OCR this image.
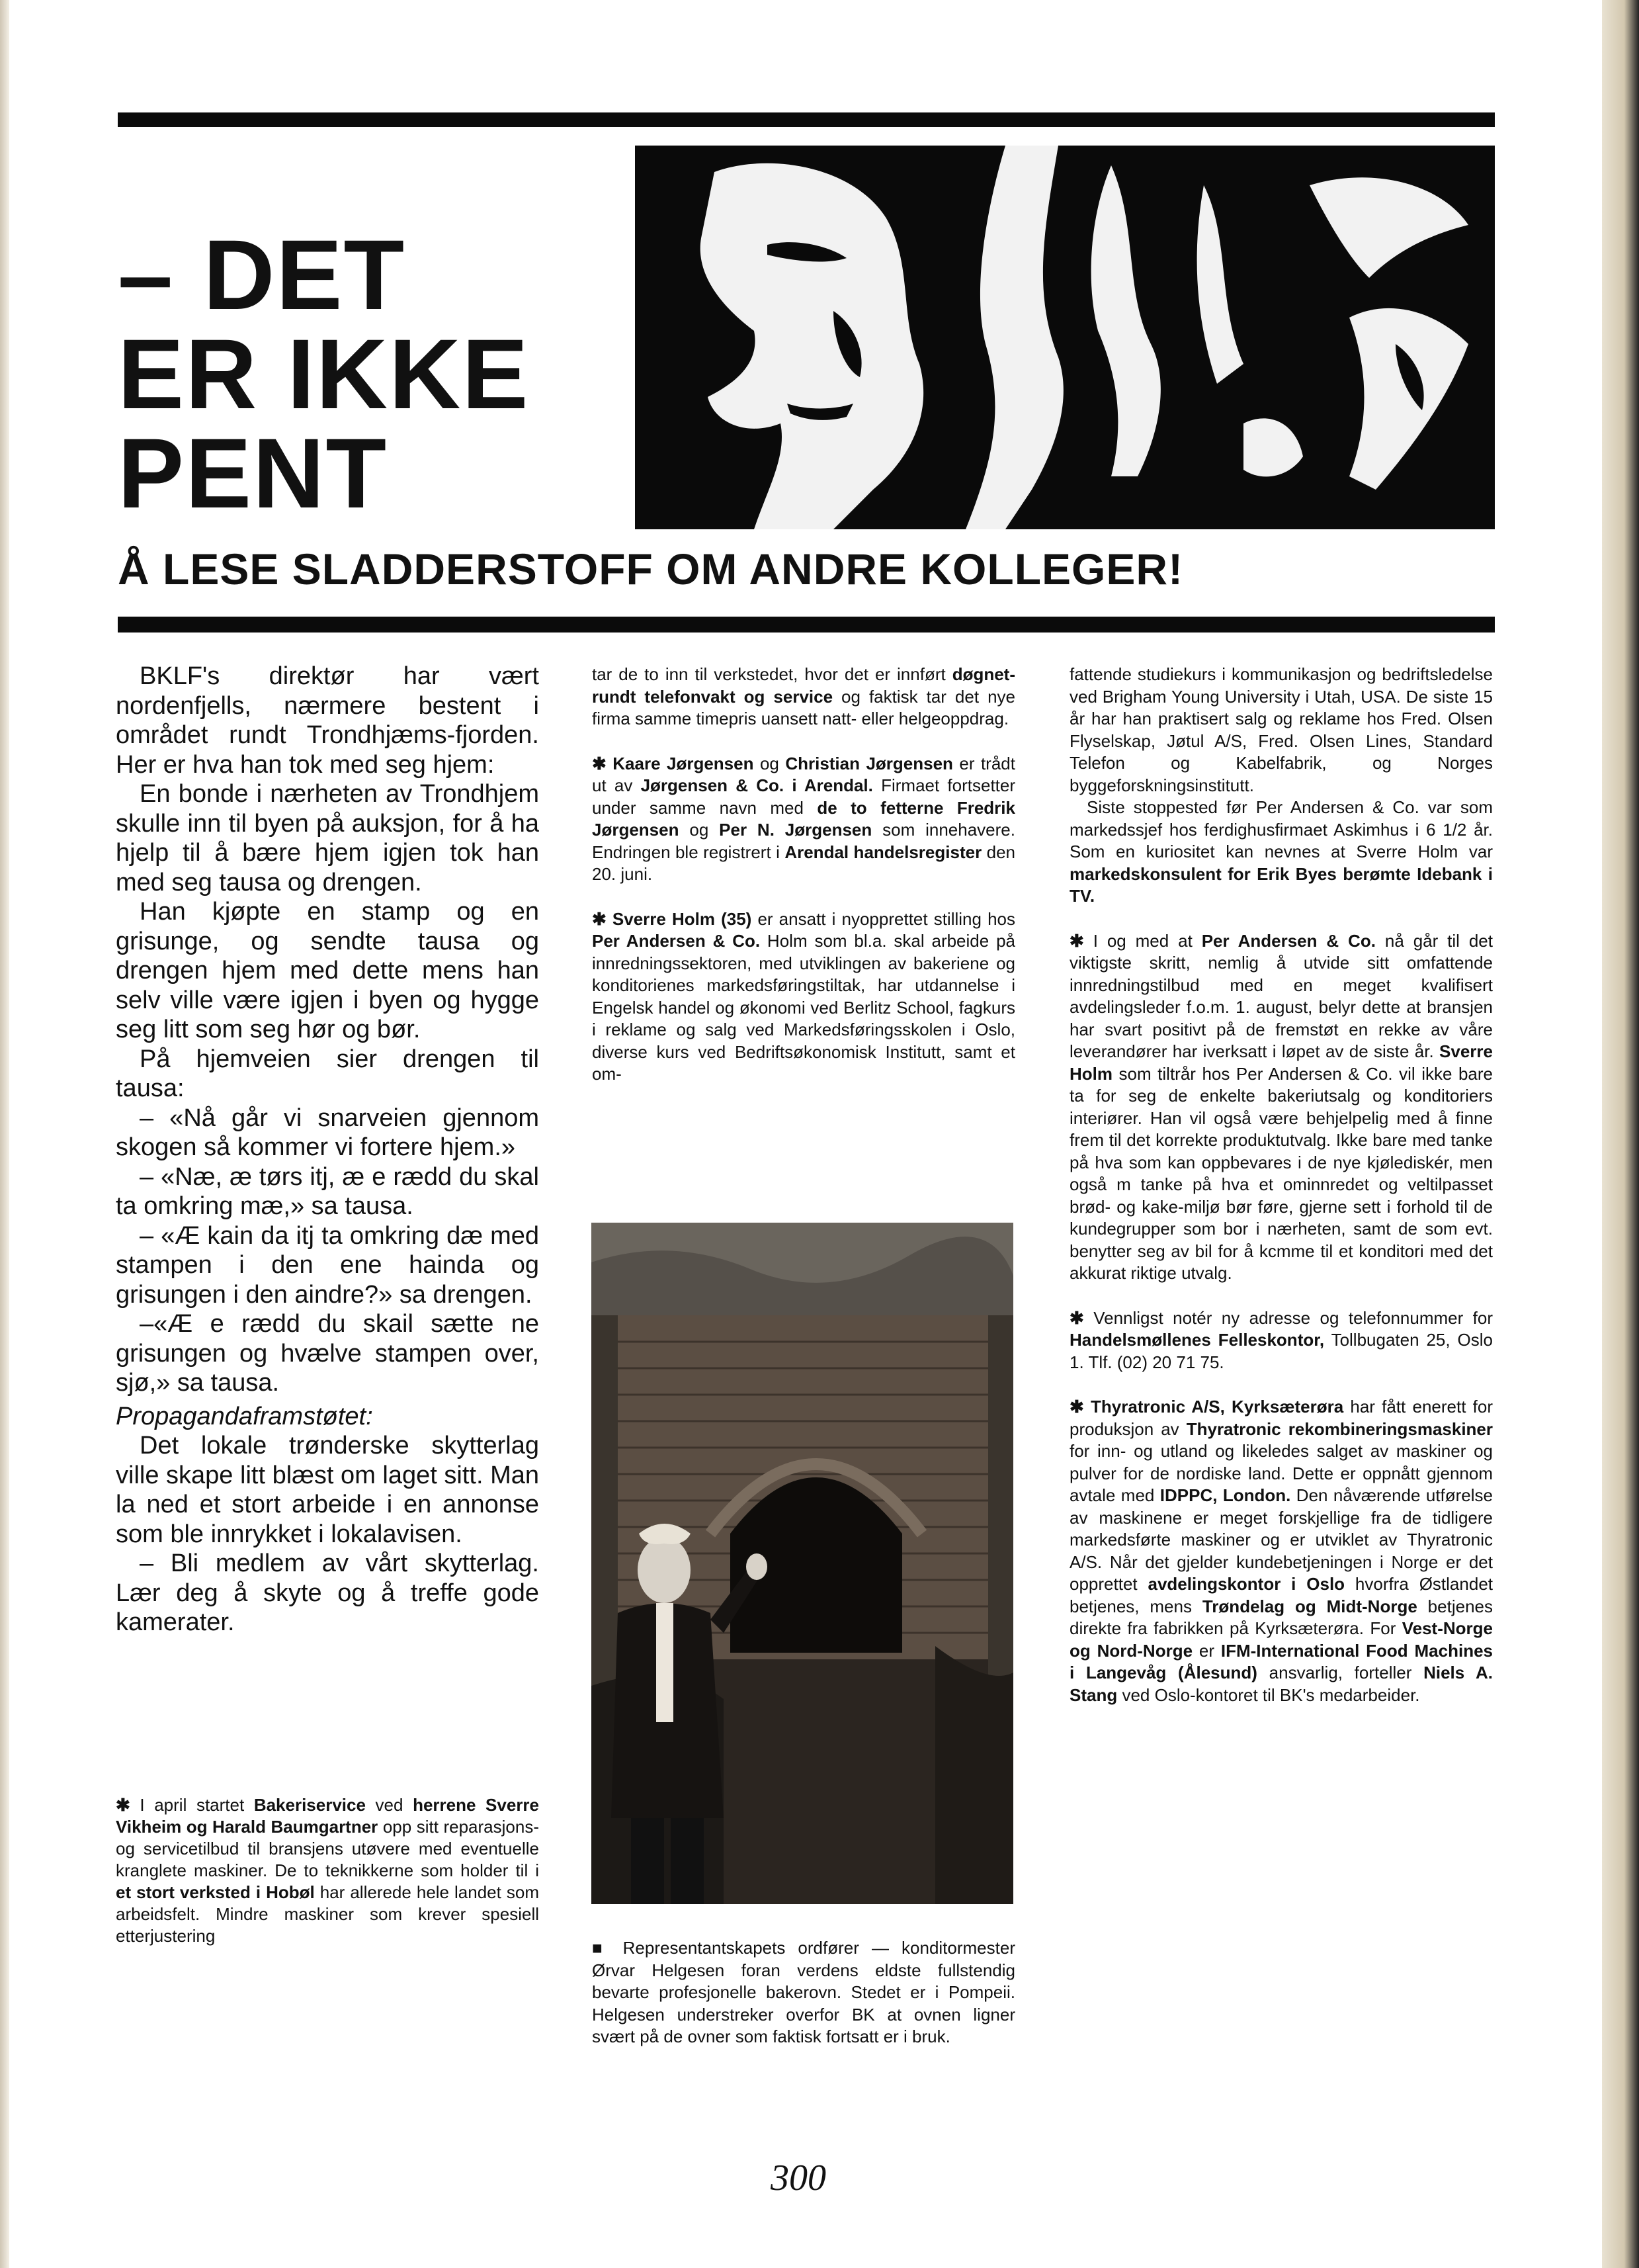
– DET
ER IKKE
PENT
Å LESE SLADDERSTOFF OM ANDRE KOLLEGER!

BKLF's direktør har vært nordenfjells, nærmere bestent i området rundt Trondhjæms-fjorden. Her er hva han tok med seg hjem:

En bonde i nærheten av Trondhjem skulle inn til byen på auksjon, for å ha hjelp til å bære hjem igjen tok han med seg tausa og drengen.

Han kjøpte en stamp og en grisunge, og sendte tausa og drengen hjem med dette mens han selv ville være igjen i byen og hygge seg litt som seg hør og bør.

På hjemveien sier drengen til tausa:

– «Nå går vi snarveien gjennom skogen så kommer vi fortere hjem.»

– «Næ, æ tørs itj, æ e rædd du skal ta omkring mæ,» sa tausa.

– «Æ kain da itj ta omkring dæ med stampen i den ene hainda og grisungen i den aindre?» sa drengen.

–«Æ e rædd du skail sætte ne grisungen og hvælve stampen over, sjø,» sa tausa.

Propagandaframstøtet:

Det lokale trønderske skytterlag ville skape litt blæst om laget sitt. Man la ned et stort arbeide i en annonse som ble innrykket i lokalavisen.

– Bli medlem av vårt skytterlag. Lær deg å skyte og å treffe gode kamerater.

✱ I april startet Bakeriservice ved herrene Sverre Vikheim og Harald Baumgartner opp sitt reparasjons- og servicetilbud til bransjens utøvere med eventuelle kranglete maskiner. De to teknikkerne som holder til i et stort verksted i Hobøl har allerede hele landet som arbeidsfelt. Mindre maskiner som krever spesiell etterjustering

tar de to inn til verkstedet, hvor det er innført døgnet-rundt telefonvakt og service og faktisk tar det nye firma samme timepris uansett natt- eller helgeoppdrag.

✱ Kaare Jørgensen og Christian Jørgensen er trådt ut av Jørgensen & Co. i Arendal. Firmaet fortsetter under samme navn med de to fetterne Fredrik Jørgensen og Per N. Jørgensen som innehavere. Endringen ble registrert i Arendal handelsregister den 20. juni.

✱ Sverre Holm (35) er ansatt i nyopprettet stilling hos Per Andersen & Co. Holm som bl.a. skal arbeide på innredningssektoren, med utviklingen av bakeriene og konditorienes markedsføringstiltak, har utdannelse i Engelsk handel og økonomi ved Berlitz School, fagkurs i reklame og salg ved Markedsføringsskolen i Oslo, diverse kurs ved Bedriftsøkonomisk Institutt, samt et om-

■ Representantskapets ordfører — konditormester Ørvar Helgesen foran verdens eldste fullstendig bevarte profesjonelle bakerovn. Stedet er i Pompeii. Helgesen understreker overfor BK at ovnen ligner svært på de ovner som faktisk fortsatt er i bruk.

fattende studiekurs i kommunikasjon og bedriftsledelse ved Brigham Young University i Utah, USA. De siste 15 år har han praktisert salg og reklame hos Fred. Olsen Flyselskap, Jøtul A/S, Fred. Olsen Lines, Standard Telefon og Kabelfabrik, og Norges byggeforskningsinstitutt.

Siste stoppested før Per Andersen & Co. var som markedssjef hos ferdighusfirmaet Askimhus i 6 1/2 år. Som en kuriositet kan nevnes at Sverre Holm var markedskonsulent for Erik Byes berømte Idebank i TV.

✱ I og med at Per Andersen & Co. nå går til det viktigste skritt, nemlig å utvide sitt omfattende innredningstilbud med en meget kvalifisert avdelingsleder f.o.m. 1. august, belyr dette at bransjen har svart positivt på de fremstøt en rekke av våre leverandører har iverksatt i løpet av de siste år. Sverre Holm som tiltrår hos Per Andersen & Co. vil ikke bare ta for seg de enkelte bakeriutsalg og konditoriers interiører. Han vil også være behjelpelig med å finne frem til det korrekte produktutvalg. Ikke bare med tanke på hva som kan oppbevares i de nye kjølediskér, men også m tanke på hva et ominnredet og veltilpasset brød- og kake-miljø bør føre, gjerne sett i forhold til de kundegrupper som bor i nærheten, samt de som evt. benytter seg av bil for å kcmme til et konditori med det akkurat riktige utvalg.

✱ Vennligst notér ny adresse og telefonnummer for Handelsmøllenes Felleskontor, Tollbugaten 25, Oslo 1. Tlf. (02) 20 71 75.

✱ Thyratronic A/S, Kyrksæterøra har fått enerett for produksjon av Thyratronic rekombineringsmaskiner for inn- og utland og likeledes salget av maskiner og pulver for de nordiske land. Dette er oppnått gjennom avtale med IDPPC, London. Den nåværende utførelse av maskinene er meget forskjellige fra de tidligere markedsførte maskiner og er utviklet av Thyratronic A/S. Når det gjelder kundebetjeningen i Norge er det opprettet avdelingskontor i Oslo hvorfra Østlandet betjenes, mens Trøndelag og Midt-Norge betjenes direkte fra fabrikken på Kyrksæterøra. For Vest-Norge og Nord-Norge er IFM-International Food Machines i Langevåg (Ålesund) ansvarlig, forteller Niels A. Stang ved Oslo-kontoret til BK's medarbeider.

300
